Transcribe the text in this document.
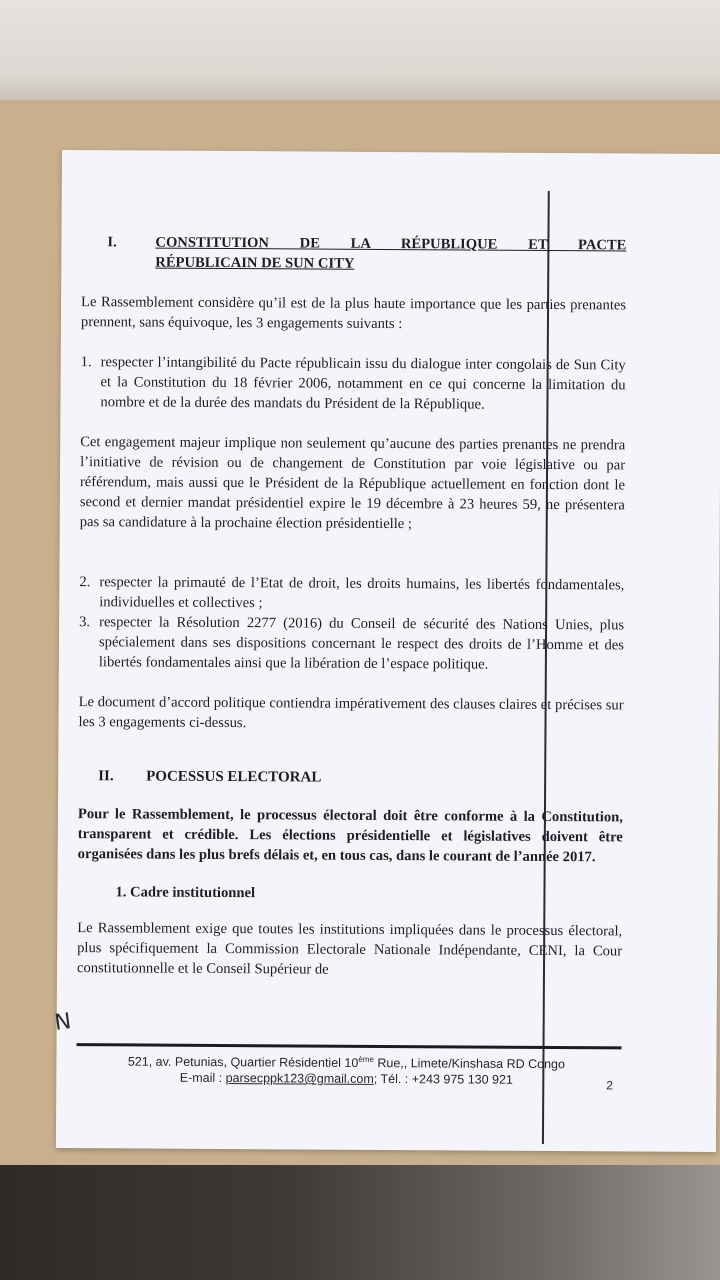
I.	CONSTITUTION DE LA RÉPUBLIQUE ET PACTE
RÉPUBLICAIN DE SUN CITY

Le Rassemblement considère qu’il est de la plus haute importance que les parties prenantes prennent, sans équivoque, les 3 engagements suivants :

1. respecter l’intangibilité du Pacte républicain issu du dialogue inter congolais de Sun City et la Constitution du 18 février 2006, notamment en ce qui concerne la limitation du nombre et de la durée des mandats du Président de la République.

Cet engagement majeur implique non seulement qu’aucune des parties prenantes ne prendra l’initiative de révision ou de changement de Constitution par voie législative ou par référendum, mais aussi que le Président de la République actuellement en fonction dont le second et dernier mandat présidentiel expire le 19 décembre à 23 heures 59, ne présentera pas sa candidature à la prochaine élection présidentielle ;

2. respecter la primauté de l’Etat de droit, les droits humains, les libertés fondamentales, individuelles et collectives ;
3. respecter la Résolution 2277 (2016) du Conseil de sécurité des Nations Unies, plus spécialement dans ses dispositions concernant le respect des droits de l’Homme et des libertés fondamentales ainsi que la libération de l’espace politique.

Le document d’accord politique contiendra impérativement des clauses claires et précises sur les 3 engagements ci-dessus.

II.	POCESSUS ELECTORAL

Pour le Rassemblement, le processus électoral doit être conforme à la Constitution, transparent et crédible. Les élections présidentielle et législatives doivent être organisées dans les plus brefs délais et, en tous cas, dans le courant de l’année 2017.

1. Cadre institutionnel

Le Rassemblement exige que toutes les institutions impliquées dans le processus électoral, plus spécifiquement la Commission Electorale Nationale Indépendante, CENI, la Cour constitutionnelle et le Conseil Supérieur de

521, av. Petunias, Quartier Résidentiel 10ème Rue,, Limete/Kinshasa RD Congo
E-mail : parsecppk123@gmail.com; Tél. : +243 975 130 921	2
N
